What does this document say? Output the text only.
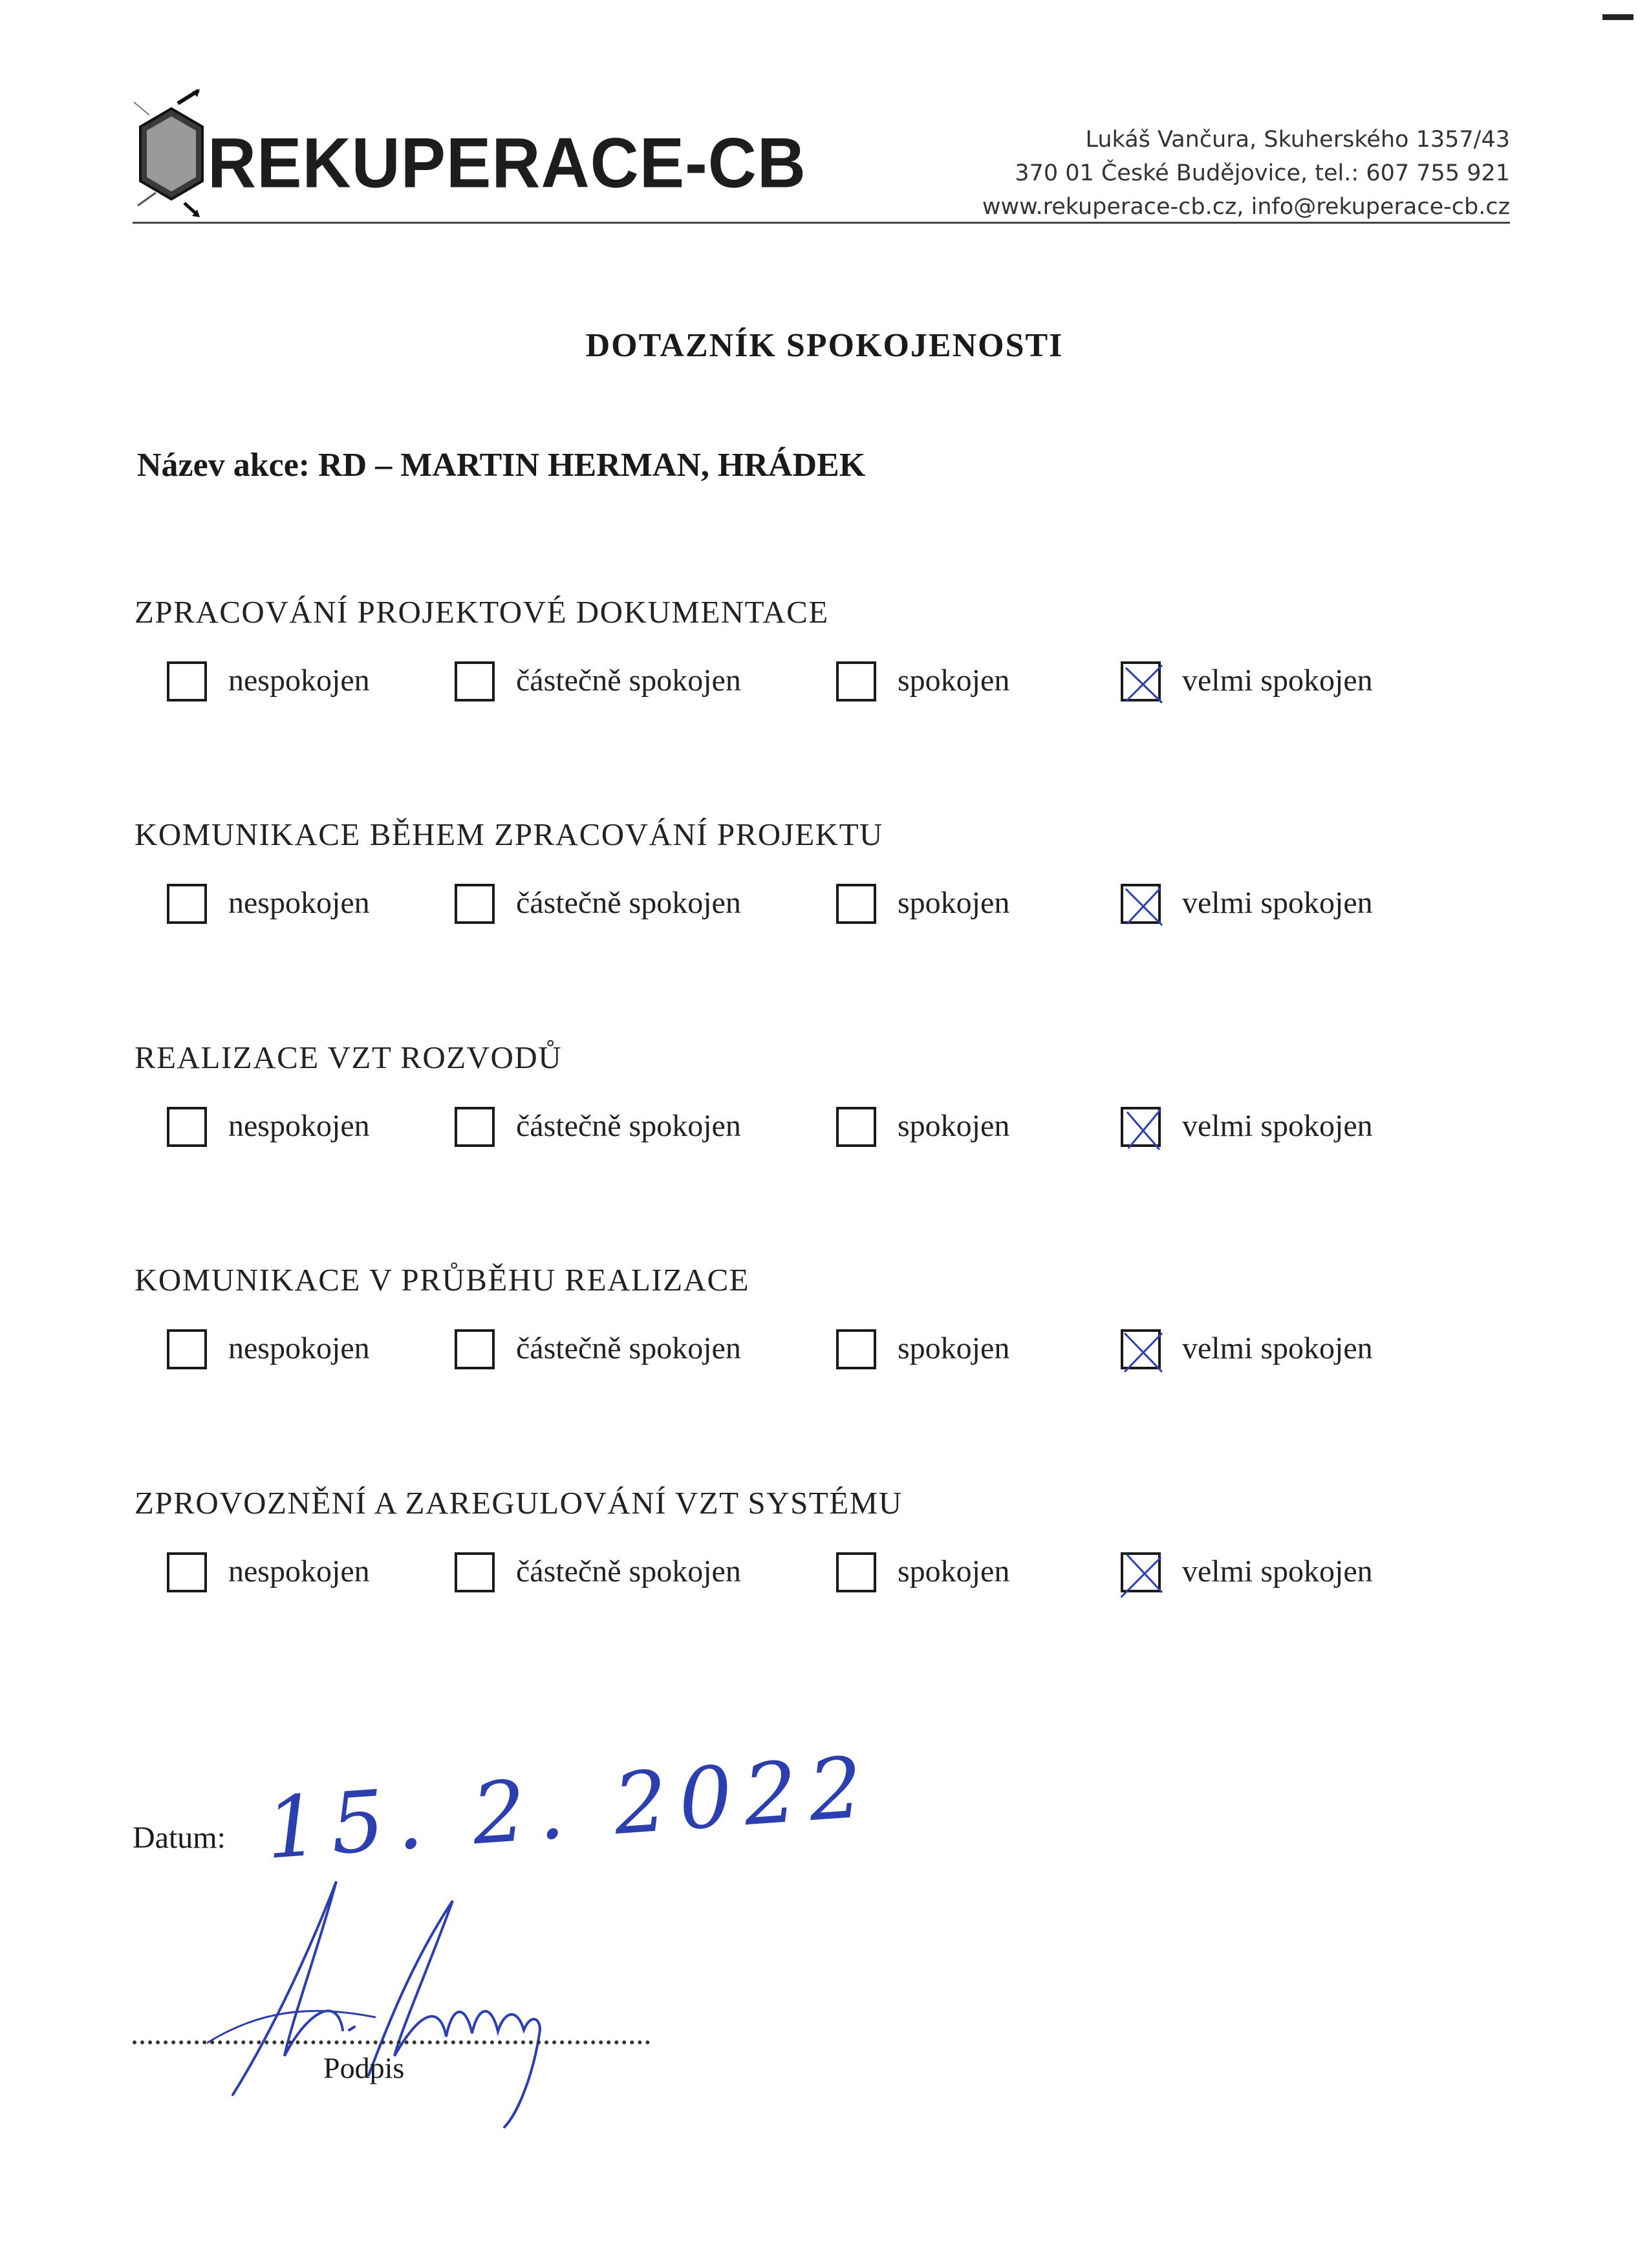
REKUPERACE-CB	Lukáš Vančura, Skuherského 1357/43
370 01 České Budějovice, tel.: 607 755 921
www.rekuperace-cb.cz, info@rekuperace-cb.cz
DOTAZNÍK SPOKOJENOSTI
Název akce: RD – MARTIN HERMAN, HRÁDEK
ZPRACOVÁNÍ PROJEKTOVÉ DOKUMENTACE
nespokojen	částečně spokojen	spokojen	velmi spokojen
KOMUNIKACE BĚHEM ZPRACOVÁNÍ PROJEKTU
nespokojen	částečně spokojen	spokojen	velmi spokojen
REALIZACE VZT ROZVODŮ
nespokojen	částečně spokojen	spokojen	velmi spokojen
KOMUNIKACE V PRŮBĚHU REALIZACE
nespokojen	částečně spokojen	spokojen	velmi spokojen
ZPROVOZNĚNÍ A ZAREGULOVÁNÍ VZT SYSTÉMU
nespokojen	částečně spokojen	spokojen	velmi spokojen
Datum: 15. 2. 2022
Podpis
